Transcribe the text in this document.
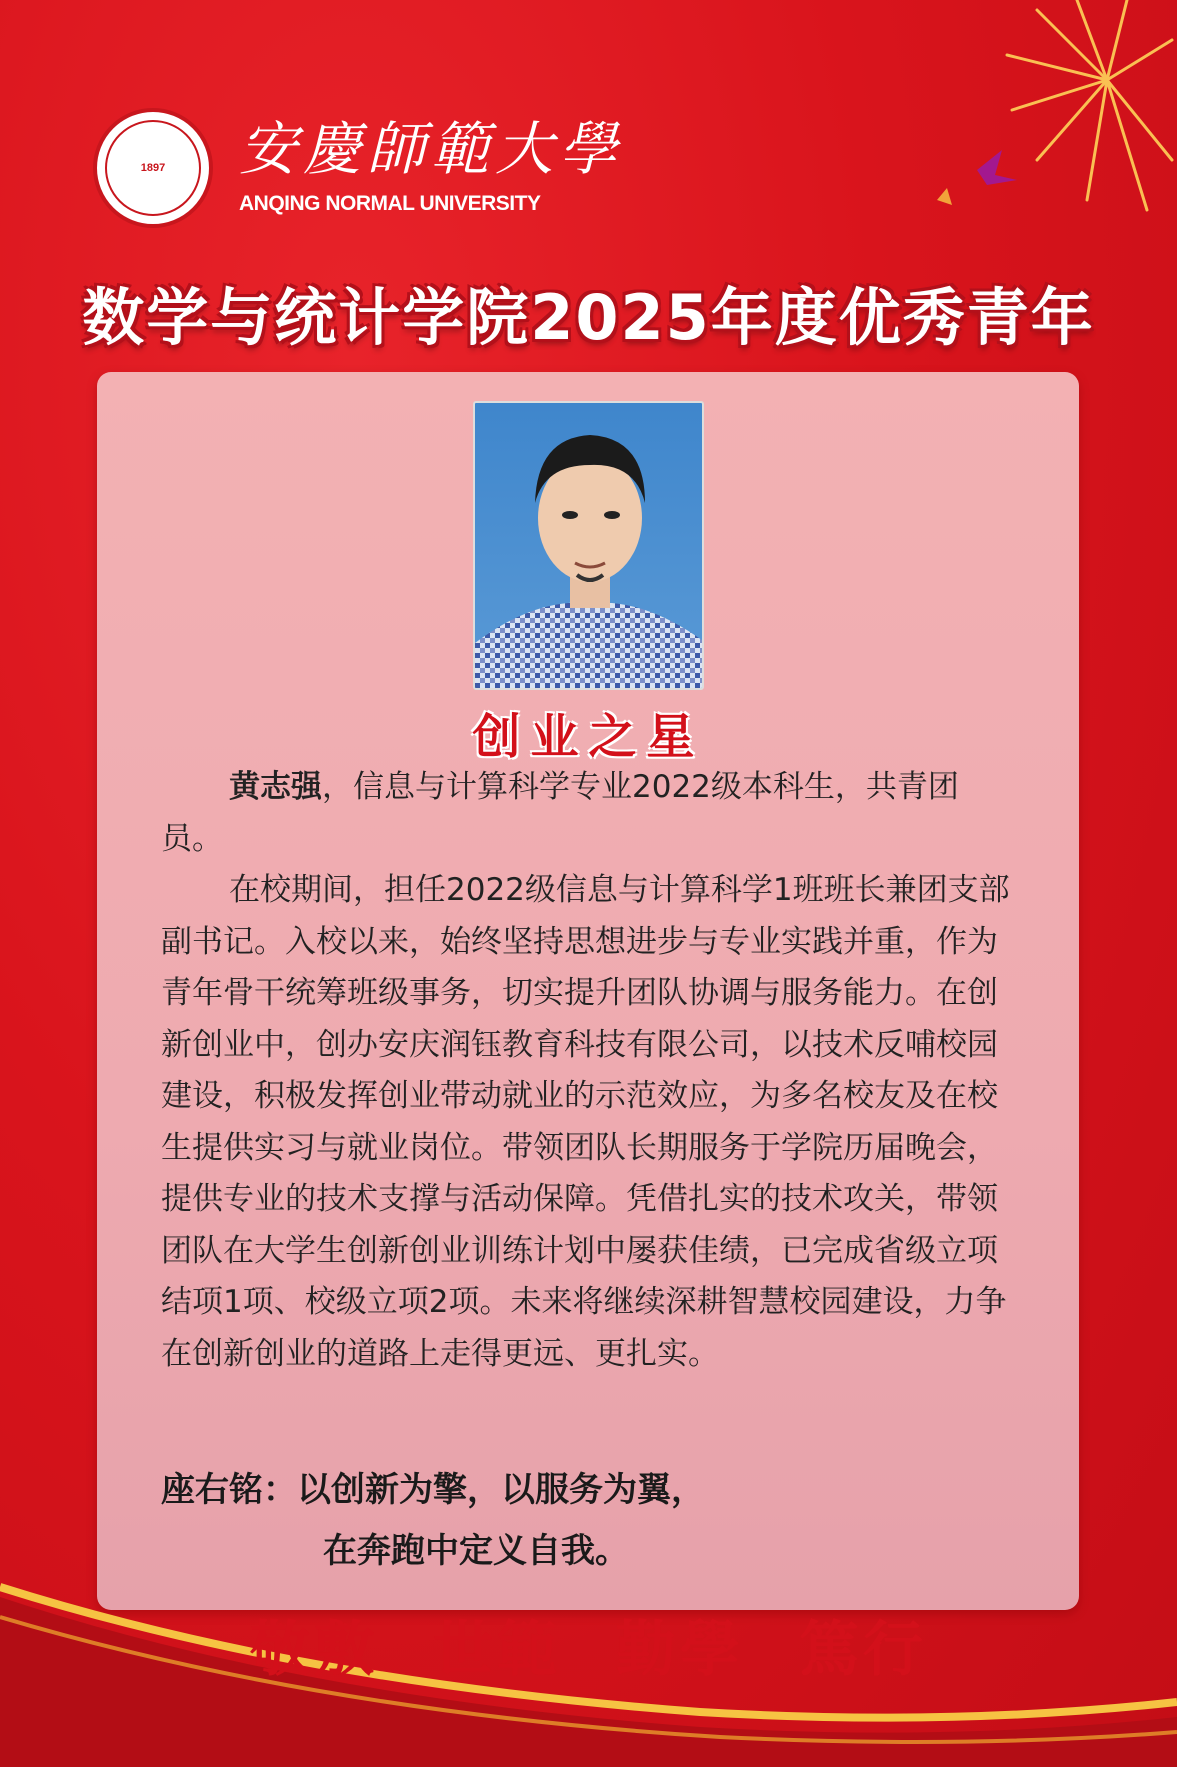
1897 安慶師範大學
ANQING NORMAL UNIVERSITY
数学与统计学院2025年度优秀青年
创业之星

黄志强，信息与计算科学专业2022级本科生，共青团员。

在校期间，担任2022级信息与计算科学1班班长兼团支部副书记。入校以来，始终坚持思想进步与专业实践并重，作为青年骨干统筹班级事务，切实提升团队协调与服务能力。在创新创业中，创办安庆润钰教育科技有限公司，以技术反哺校园建设，积极发挥创业带动就业的示范效应，为多名校友及在校生提供实习与就业岗位。带领团队长期服务于学院历届晚会，提供专业的技术支撑与活动保障。凭借扎实的技术攻关，带领团队在大学生创新创业训练计划中屡获佳绩，已完成省级立项结项1项、校级立项2项。未来将继续深耕智慧校园建设，力争在创新创业的道路上走得更远、更扎实。

座右铭：以创新为擎，以服务为翼，
在奔跑中定义自我。
敬敷 世範 勤學 篤行
